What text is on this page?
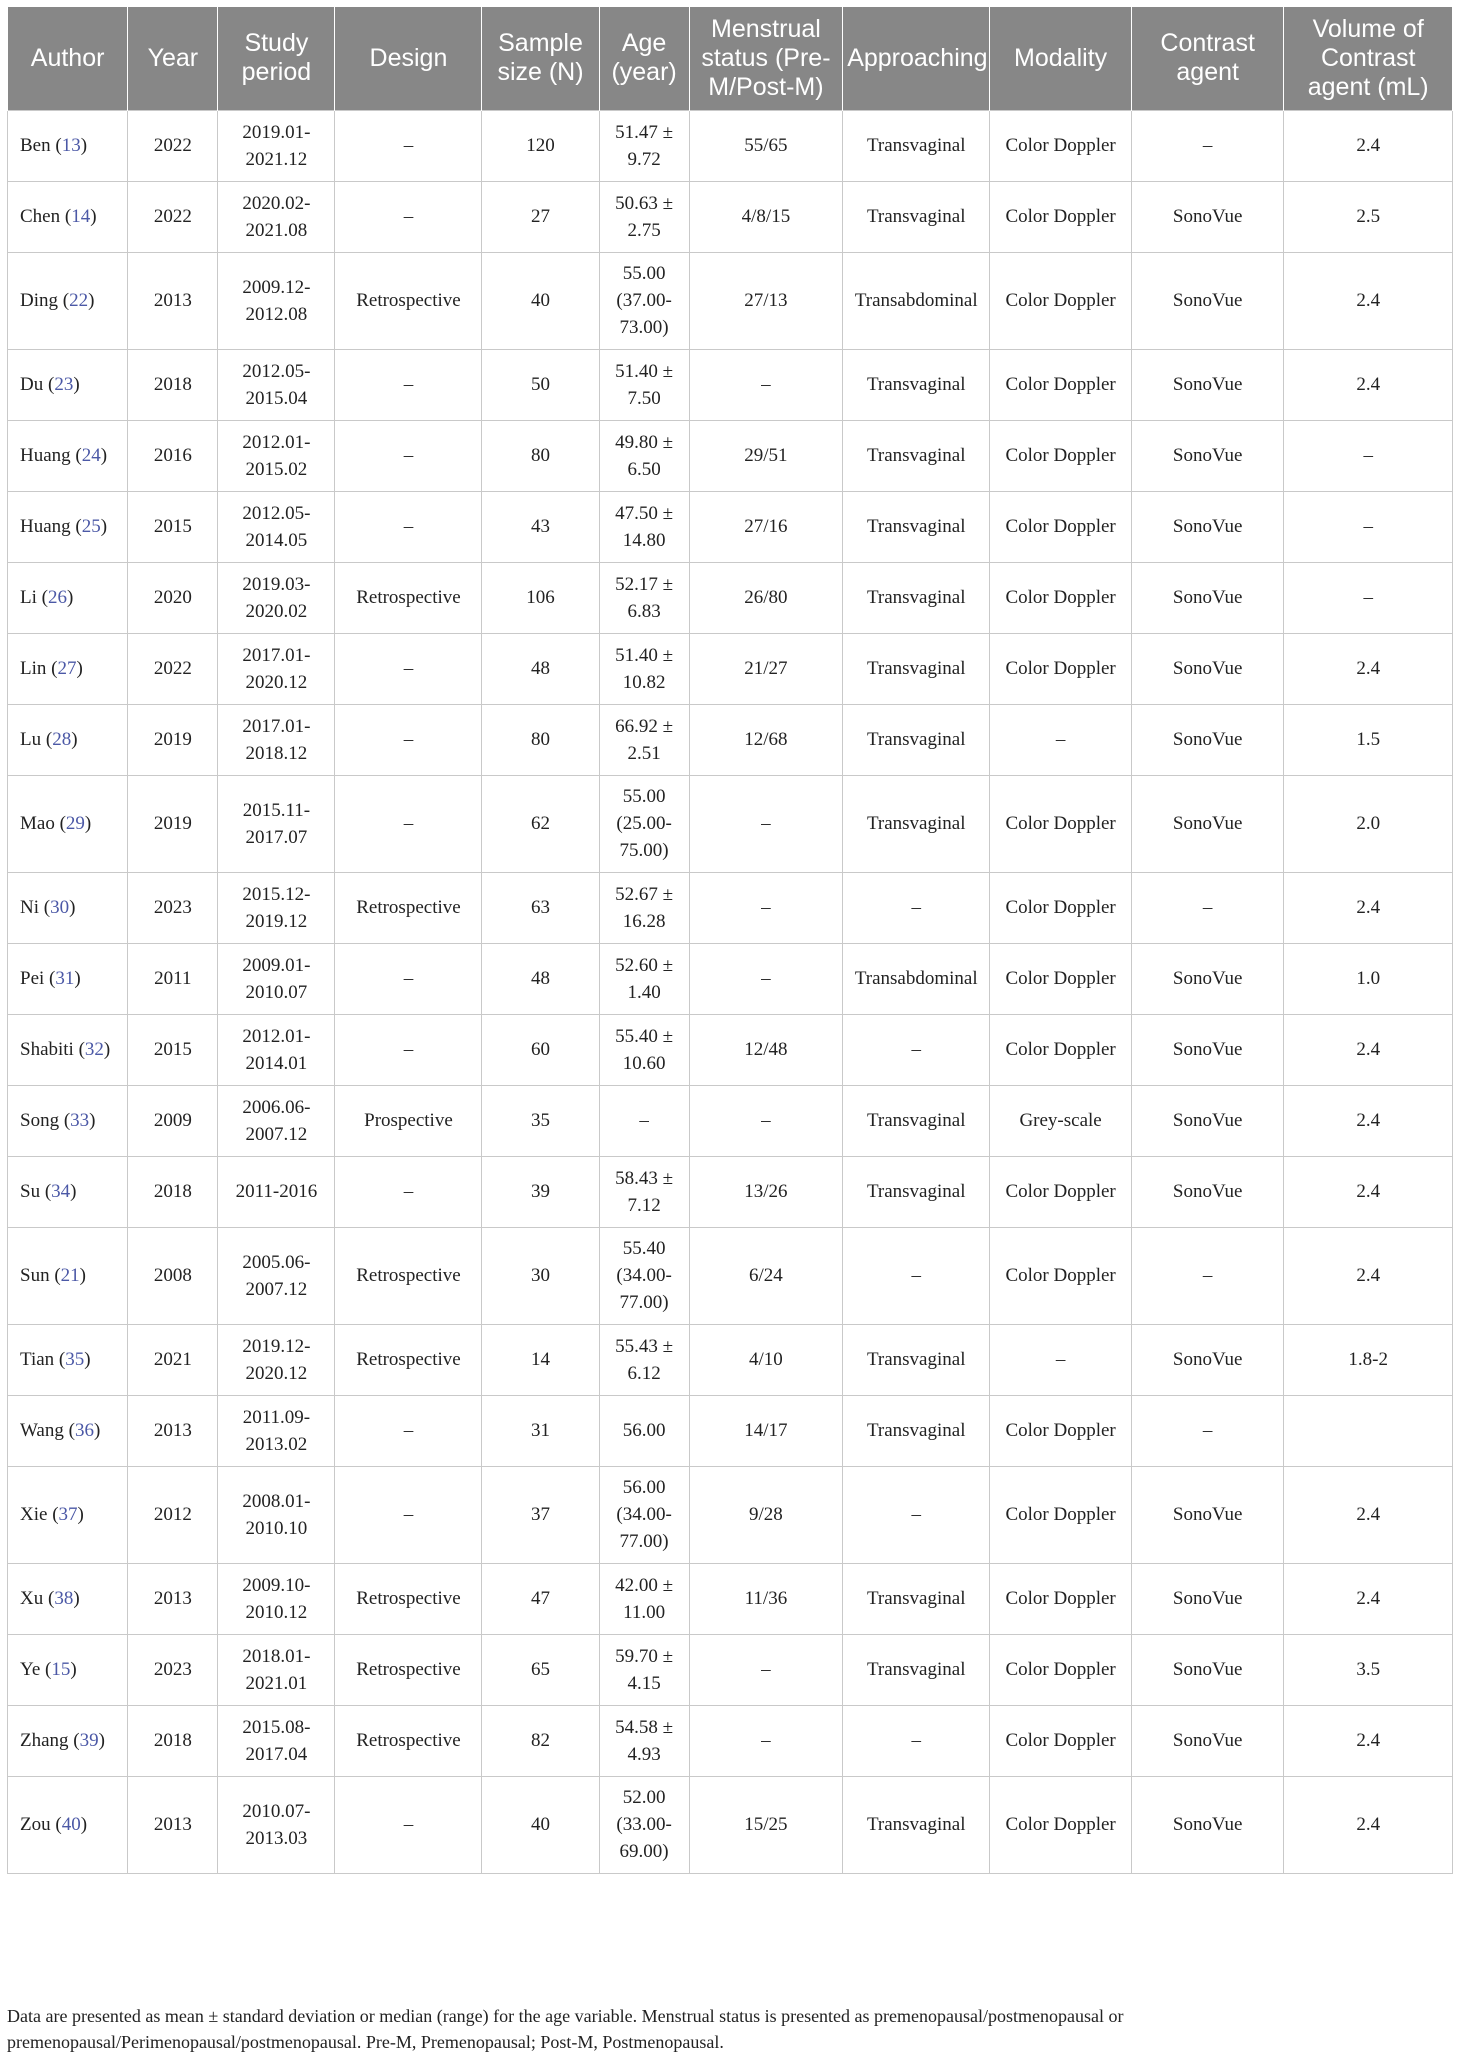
Author	Year	Study period	Design	Sample size (N)	Age (year)	Menstrual status (Pre-M/Post-M)	Approaching	Modality	Contrast agent	Volume of Contrast agent (mL)
Ben (13)	2022	2019.01-2021.12	–	120	51.47 ± 9.72	55/65	Transvaginal	Color Doppler	–	2.4
Chen (14)	2022	2020.02-2021.08	–	27	50.63 ± 2.75	4/8/15	Transvaginal	Color Doppler	SonoVue	2.5
Ding (22)	2013	2009.12-2012.08	Retrospective	40	55.00 (37.00-73.00)	27/13	Transabdominal	Color Doppler	SonoVue	2.4
Du (23)	2018	2012.05-2015.04	–	50	51.40 ± 7.50	–	Transvaginal	Color Doppler	SonoVue	2.4
Huang (24)	2016	2012.01-2015.02	–	80	49.80 ± 6.50	29/51	Transvaginal	Color Doppler	SonoVue	–
Huang (25)	2015	2012.05-2014.05	–	43	47.50 ± 14.80	27/16	Transvaginal	Color Doppler	SonoVue	–
Li (26)	2020	2019.03-2020.02	Retrospective	106	52.17 ± 6.83	26/80	Transvaginal	Color Doppler	SonoVue	–
Lin (27)	2022	2017.01-2020.12	–	48	51.40 ± 10.82	21/27	Transvaginal	Color Doppler	SonoVue	2.4
Lu (28)	2019	2017.01-2018.12	–	80	66.92 ± 2.51	12/68	Transvaginal	–	SonoVue	1.5
Mao (29)	2019	2015.11-2017.07	–	62	55.00 (25.00-75.00)	–	Transvaginal	Color Doppler	SonoVue	2.0
Ni (30)	2023	2015.12-2019.12	Retrospective	63	52.67 ± 16.28	–	–	Color Doppler	–	2.4
Pei (31)	2011	2009.01-2010.07	–	48	52.60 ± 1.40	–	Transabdominal	Color Doppler	SonoVue	1.0
Shabiti (32)	2015	2012.01-2014.01	–	60	55.40 ± 10.60	12/48	–	Color Doppler	SonoVue	2.4
Song (33)	2009	2006.06-2007.12	Prospective	35	–	–	Transvaginal	Grey-scale	SonoVue	2.4
Su (34)	2018	2011-2016	–	39	58.43 ± 7.12	13/26	Transvaginal	Color Doppler	SonoVue	2.4
Sun (21)	2008	2005.06-2007.12	Retrospective	30	55.40 (34.00-77.00)	6/24	–	Color Doppler	–	2.4
Tian (35)	2021	2019.12-2020.12	Retrospective	14	55.43 ± 6.12	4/10	Transvaginal	–	SonoVue	1.8-2
Wang (36)	2013	2011.09-2013.02	–	31	56.00	14/17	Transvaginal	Color Doppler	–	
Xie (37)	2012	2008.01-2010.10	–	37	56.00 (34.00-77.00)	9/28	–	Color Doppler	SonoVue	2.4
Xu (38)	2013	2009.10-2010.12	Retrospective	47	42.00 ± 11.00	11/36	Transvaginal	Color Doppler	SonoVue	2.4
Ye (15)	2023	2018.01-2021.01	Retrospective	65	59.70 ± 4.15	–	Transvaginal	Color Doppler	SonoVue	3.5
Zhang (39)	2018	2015.08-2017.04	Retrospective	82	54.58 ± 4.93	–	–	Color Doppler	SonoVue	2.4
Zou (40)	2013	2010.07-2013.03	–	40	52.00 (33.00-69.00)	15/25	Transvaginal	Color Doppler	SonoVue	2.4
Data are presented as mean ± standard deviation or median (range) for the age variable. Menstrual status is presented as premenopausal/postmenopausal or premenopausal/Perimenopausal/postmenopausal. Pre-M, Premenopausal; Post-M, Postmenopausal.
